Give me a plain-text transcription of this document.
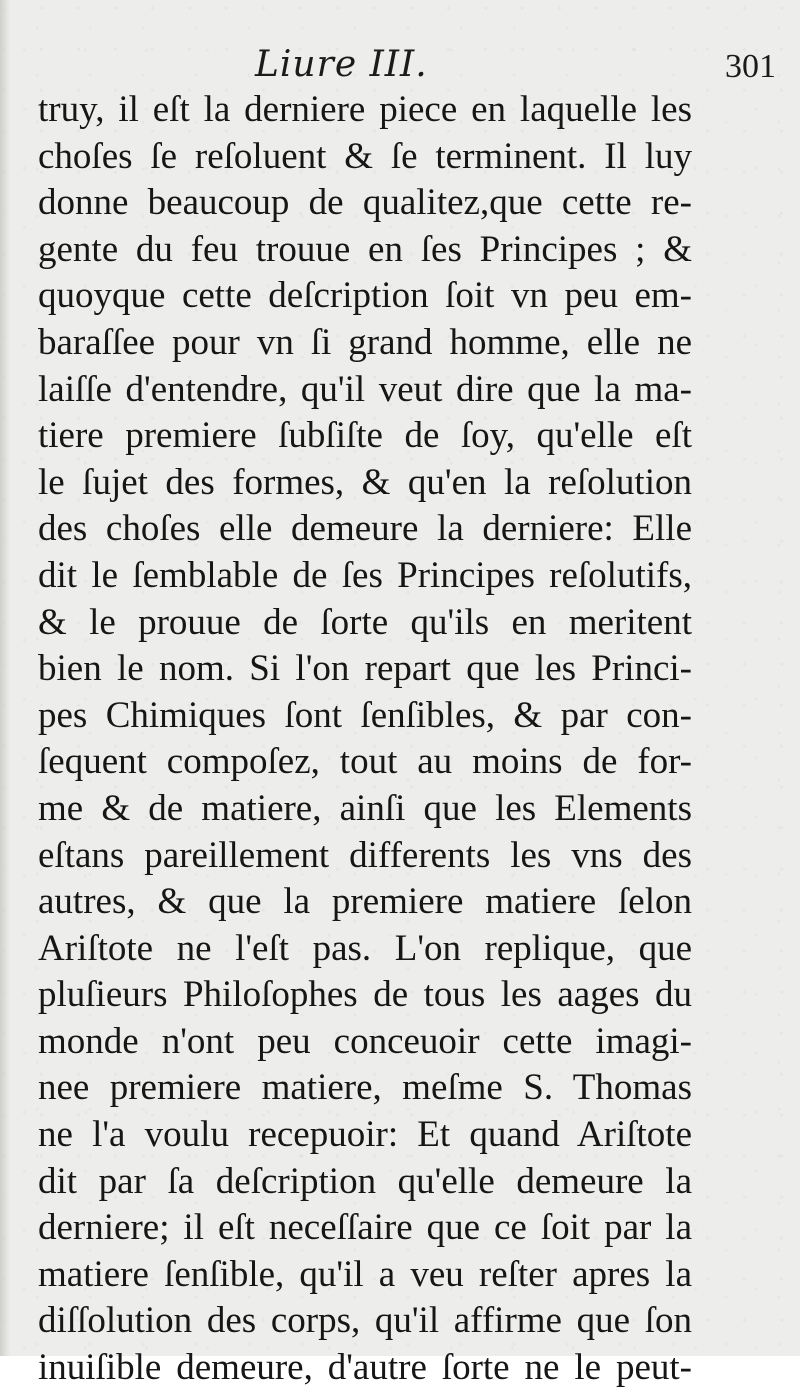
Liure III.	301
truy, il eſt la derniere piece en laquelle les
choſes ſe reſoluent & ſe terminent. Il luy
donne beaucoup de qualitez,que cette re-
gente du feu trouue en ſes Principes ; &
quoyque cette deſcription ſoit vn peu em-
baraſſee pour vn ſi grand homme, elle ne
laiſſe d'entendre, qu'il veut dire que la ma-
tiere premiere ſubſiſte de ſoy, qu'elle eſt
le ſujet des formes, & qu'en la reſolution
des choſes elle demeure la derniere: Elle
dit le ſemblable de ſes Principes reſolutifs,
& le prouue de ſorte qu'ils en meritent
bien le nom. Si l'on repart que les Princi-
pes Chimiques ſont ſenſibles, & par con-
ſequent compoſez, tout au moins de for-
me & de matiere, ainſi que les Elements
eſtans pareillement differents les vns des
autres, & que la premiere matiere ſelon
Ariſtote ne l'eſt pas. L'on replique, que
pluſieurs Philoſophes de tous les aages du
monde n'ont peu conceuoir cette imagi-
nee premiere matiere, meſme S. Thomas
ne l'a voulu recepuoir: Et quand Ariſtote
dit par ſa deſcription qu'elle demeure la
derniere; il eſt neceſſaire que ce ſoit par la
matiere ſenſible, qu'il a veu reſter apres la
diſſolution des corps, qu'il affirme que ſon
inuiſible demeure, d'autre ſorte ne le peut-
